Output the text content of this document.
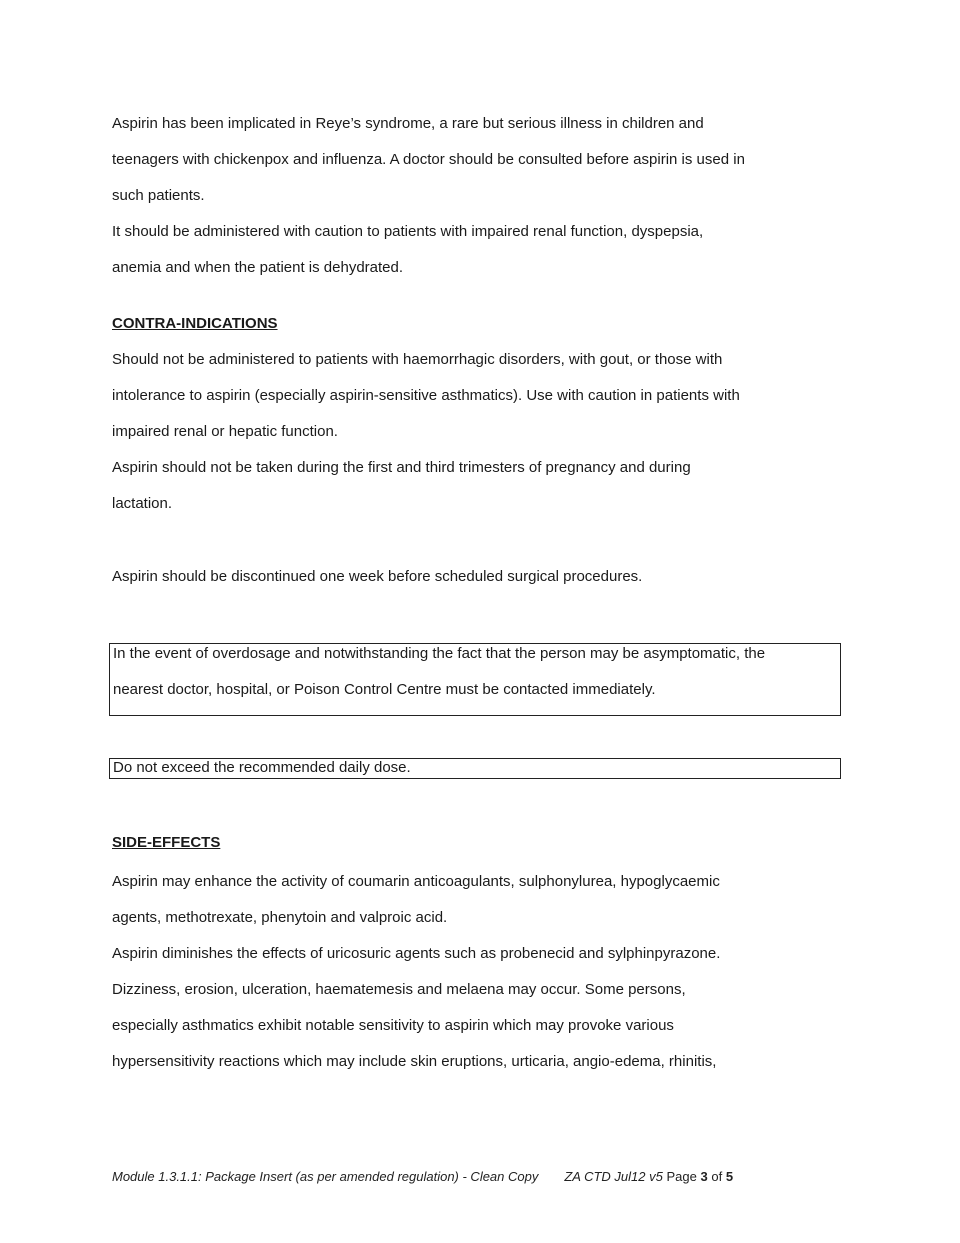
Aspirin has been implicated in Reye’s syndrome, a rare but serious illness in children and

teenagers with chickenpox and influenza. A doctor should be consulted before aspirin is used in

such patients.

It should be administered with caution to patients with impaired renal function, dyspepsia,

anemia and when the patient is dehydrated.

CONTRA-INDICATIONS

Should not be administered to patients with haemorrhagic disorders, with gout, or those with

intolerance to aspirin (especially aspirin-sensitive asthmatics). Use with caution in patients with

impaired renal or hepatic function.

Aspirin should not be taken during the first and third trimesters of pregnancy and during

lactation.

Aspirin should be discontinued one week before scheduled surgical procedures.

In the event of overdosage and notwithstanding the fact that the person may be asymptomatic, the

nearest doctor, hospital, or Poison Control Centre must be contacted immediately.

Do not exceed the recommended daily dose.

SIDE-EFFECTS

Aspirin may enhance the activity of coumarin anticoagulants, sulphonylurea, hypoglycaemic

agents, methotrexate, phenytoin and valproic acid.

Aspirin diminishes the effects of uricosuric agents such as probenecid and sylphinpyrazone.

Dizziness, erosion, ulceration, haematemesis and melaena may occur. Some persons,

especially asthmatics exhibit notable sensitivity to aspirin which may provoke various

hypersensitivity reactions which may include skin eruptions, urticaria, angio-edema, rhinitis,

Module 1.3.1.1: Package Insert (as per amended regulation) - Clean Copy ZA CTD Jul12 v5 Page 3 of 5
